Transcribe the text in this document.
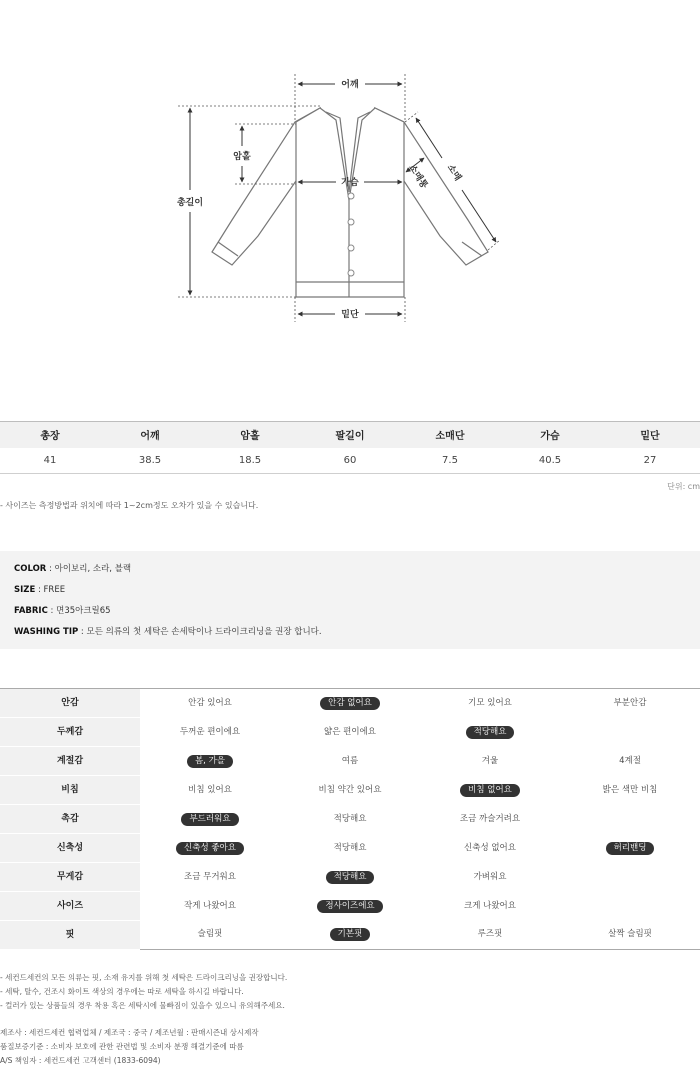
어깨
총길이
암홀
가슴
밑단
소매
소매통
총장	어깨	암홀	팔길이	소매단	가슴	밑단
41	38.5	18.5	60	7.5	40.5	27
단위: cm
- 사이즈는 측정방법과 위치에 따라 1~2cm정도 오차가 있을 수 있습니다.
COLOR : 아이보리, 소라, 블랙
SIZE : FREE
FABRIC : 면35아크릴65
WASHING TIP : 모든 의류의 첫 세탁은 손세탁이나 드라이크리닝을 권장 합니다.
안감	안감 있어요	안감 없어요	기모 있어요	부분안감
두께감	두꺼운 편이에요	얇은 편이에요	적당해요	
계절감	봄, 가을	여름	겨울	4계절
비침	비침 있어요	비침 약간 있어요	비침 없어요	밝은 색만 비침
촉감	부드러워요	적당해요	조금 까슬거려요	
신축성	신축성 좋아요	적당해요	신축성 없어요	허리밴딩
무게감	조금 무거워요	적당해요	가벼워요	
사이즈	작게 나왔어요	정사이즈에요	크게 나왔어요	
핏	슬림핏	기본핏	루즈핏	살짝 슬림핏
- 세컨드세컨의 모든 의류는 핏, 소재 유지를 위해 첫 세탁은 드라이크리닝을 권장합니다.
- 세탁, 탈수, 건조시 화이트 색상의 경우에는 따로 세탁을 하시길 바랍니다.
- 컬러가 있는 상품들의 경우 착용 혹은 세탁시에 물빠짐이 있을수 있으니 유의해주세요.
제조사 : 세컨드세컨 협력업체 / 제조국 : 중국 / 제조년월 : 판매시즌내 상시제작
품질보증기준 : 소비자 보호에 관한 관련법 및 소비자 분쟁 해결기준에 따름
A/S 책임자 : 세컨드세컨 고객센터 (1833-6094)
